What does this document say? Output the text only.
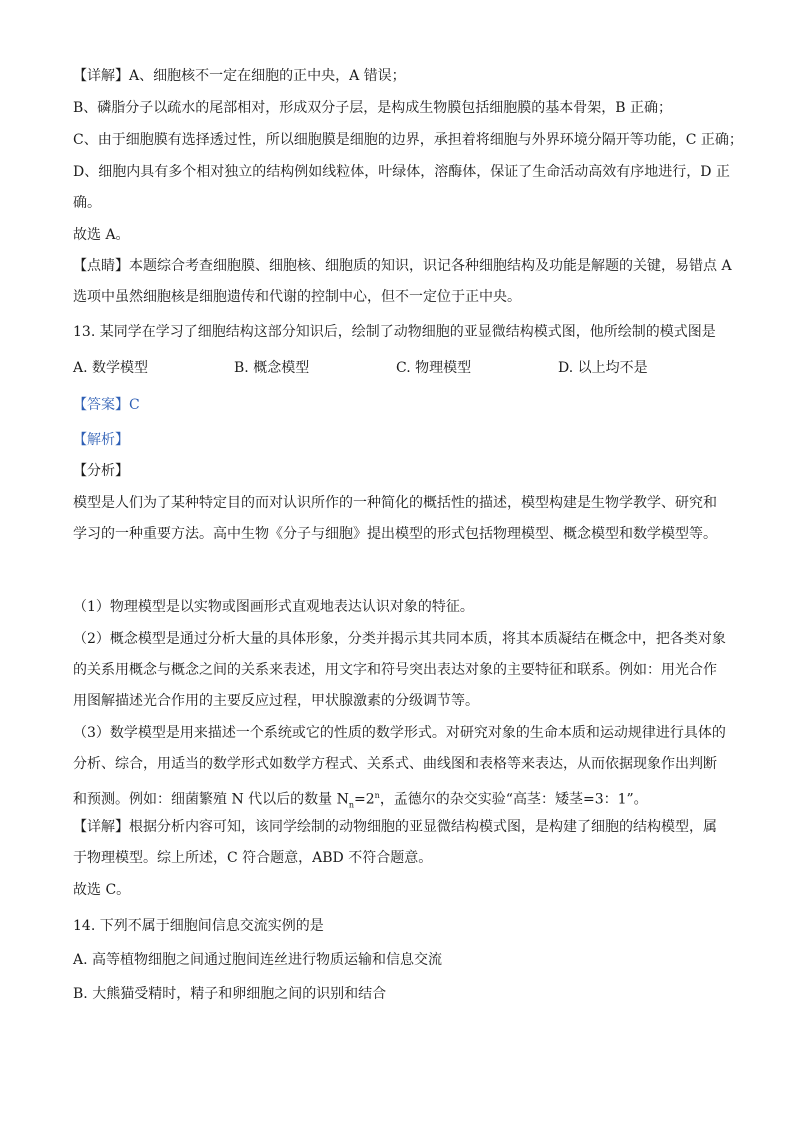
【详解】A、细胞核不一定在细胞的正中央，A 错误；
B、磷脂分子以疏水的尾部相对，形成双分子层，是构成生物膜包括细胞膜的基本骨架，B 正确；
C、由于细胞膜有选择透过性，所以细胞膜是细胞的边界，承担着将细胞与外界环境分隔开等功能，C 正确；
D、细胞内具有多个相对独立的结构例如线粒体，叶绿体，溶酶体，保证了生命活动高效有序地进行，D 正
确。
故选 A。
【点睛】本题综合考查细胞膜、细胞核、细胞质的知识，识记各种细胞结构及功能是解题的关键，易错点 A
选项中虽然细胞核是细胞遗传和代谢的控制中心，但不一定位于正中央。
13. 某同学在学习了细胞结构这部分知识后，绘制了动物细胞的亚显微结构模式图，他所绘制的模式图是
A. 数学模型	B. 概念模型	C. 物理模型	D. 以上均不是
【答案】C
【解析】
【分析】
模型是人们为了某种特定目的而对认识所作的一种简化的概括性的描述，模型构建是生物学教学、研究和
学习的一种重要方法。高中生物《分子与细胞》提出模型的形式包括物理模型、概念模型和数学模型等。
（1）物理模型是以实物或图画形式直观地表达认识对象的特征。
（2）概念模型是通过分析大量的具体形象，分类并揭示其共同本质，将其本质凝结在概念中，把各类对象
的关系用概念与概念之间的关系来表述，用文字和符号突出表达对象的主要特征和联系。例如：用光合作
用图解描述光合作用的主要反应过程，甲状腺激素的分级调节等。
（3）数学模型是用来描述一个系统或它的性质的数学形式。对研究对象的生命本质和运动规律进行具体的
分析、综合，用适当的数学形式如数学方程式、关系式、曲线图和表格等来表达，从而依据现象作出判断
和预测。例如：细菌繁殖 N 代以后的数量 $N_n=2^n$，孟德尔的杂交实验“高茎：矮茎=3：1”。
【详解】根据分析内容可知，该同学绘制的动物细胞的亚显微结构模式图，是构建了细胞的结构模型，属
于物理模型。综上所述，C 符合题意，ABD 不符合题意。
故选 C。
14. 下列不属于细胞间信息交流实例的是
A. 高等植物细胞之间通过胞间连丝进行物质运输和信息交流
B. 大熊猫受精时，精子和卵细胞之间的识别和结合
